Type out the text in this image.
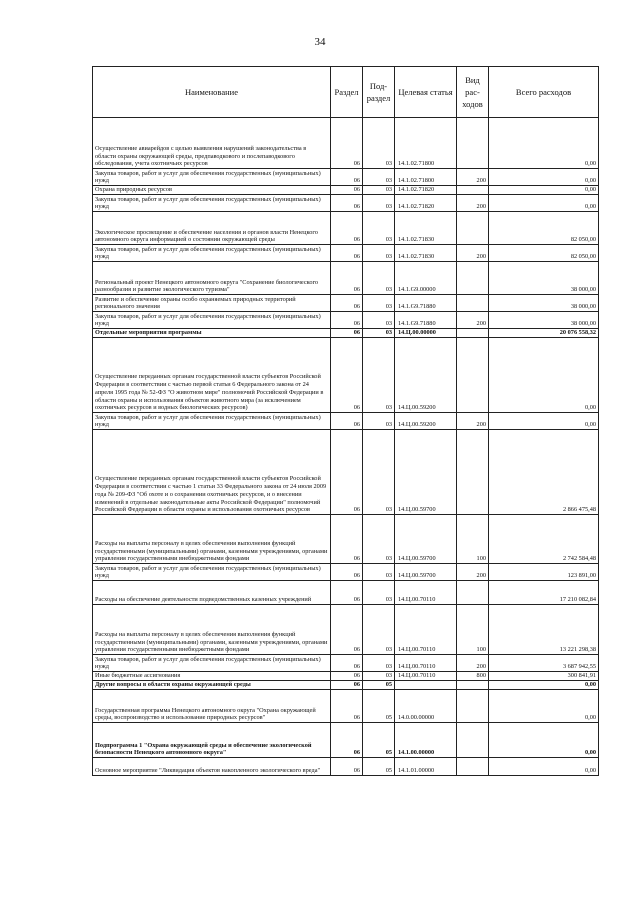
34
Наименование	Раздел	Под-раздел	Целевая статья	Вид рас-ходов	Всего расходов
Осуществление авиарейдов с целью выявления нарушений законодательства в области охраны окружающей среды, предпаводкового и послепаводкового обследования, учета охотничьих ресурсов	06	03	14.1.02.71800		0,00
Закупка товаров, работ и услуг для обеспечения государственных (муниципальных) нужд	06	03	14.1.02.71800	200	0,00
Охрана природных ресурсов	06	03	14.1.02.71820		0,00
Закупка товаров, работ и услуг для обеспечения государственных (муниципальных) нужд	06	03	14.1.02.71820	200	0,00
Экологическое просвещение и обеспечение населения и органов власти Ненецкого автономного округа информацией о состоянии окружающей среды	06	03	14.1.02.71830		82 050,00
Закупка товаров, работ и услуг для обеспечения государственных (муниципальных) нужд	06	03	14.1.02.71830	200	82 050,00
Региональный проект Ненецкого автономного округа "Сохранение биологического разнообразия и развитие экологического туризма"	06	03	14.1.G9.00000		38 000,00
Развитие и обеспечение охраны особо охраняемых природных территорий регионального значения	06	03	14.1.G9.71880		38 000,00
Закупка товаров, работ и услуг для обеспечения государственных (муниципальных) нужд	06	03	14.1.G9.71880	200	38 000,00
Отдельные мероприятия программы	06	03	14.Ц.00.00000		20 076 558,32
Осуществление переданных органам государственной власти субъектов Российской Федерации в соответствии с частью первой статьи 6 Федерального закона от 24 апреля 1995 года № 52-ФЗ "О животном мире" полномочий Российской Федерации в области охраны и использования объектов животного мира (за исключением охотничьих ресурсов и водных биологических ресурсов)	06	03	14.Ц.00.59200		0,00
Закупка товаров, работ и услуг для обеспечения государственных (муниципальных) нужд	06	03	14.Ц.00.59200	200	0,00
Осуществление переданных органам государственной власти субъектов Российской Федерации в соответствии с частью 1 статьи 33 Федерального закона от 24 июля 2009 года № 209-ФЗ "Об охоте и о сохранении охотничьих ресурсов, и о внесении изменений в отдельные законодательные акты Российской Федерации" полномочий Российской Федерации в области охраны и использования охотничьих ресурсов	06	03	14.Ц.00.59700		2 866 475,48
Расходы на выплаты персоналу в целях обеспечения выполнения функций государственными (муниципальными) органами, казенными учреждениями, органами управления государственными внебюджетными фондами	06	03	14.Ц.00.59700	100	2 742 584,48
Закупка товаров, работ и услуг для обеспечения государственных (муниципальных) нужд	06	03	14.Ц.00.59700	200	123 891,00
Расходы на обеспечение деятельности подведомственных казенных учреждений	06	03	14.Ц.00.70110		17 210 082,84
Расходы на выплаты персоналу в целях обеспечения выполнения функций государственными (муниципальными) органами, казенными учреждениями, органами управления государственными внебюджетными фондами	06	03	14.Ц.00.70110	100	13 221 298,38
Закупка товаров, работ и услуг для обеспечения государственных (муниципальных) нужд	06	03	14.Ц.00.70110	200	3 687 942,55
Иные бюджетные ассигнования	06	03	14.Ц.00.70110	800	300 841,91
Другие вопросы в области охраны окружающей среды	06	05			0,00
Государственная программа Ненецкого автономного округа "Охрана окружающей среды, воспроизводство и использование природных ресурсов"	06	05	14.0.00.00000		0,00
Подпрограмма 1 "Охрана окружающей среды и обеспечение экологической безопасности Ненецкого автономного округа"	06	05	14.1.00.00000		0,00
Основное мероприятие "Ликвидация объектов накопленного экологического вреда"	06	05	14.1.01.00000		0,00
